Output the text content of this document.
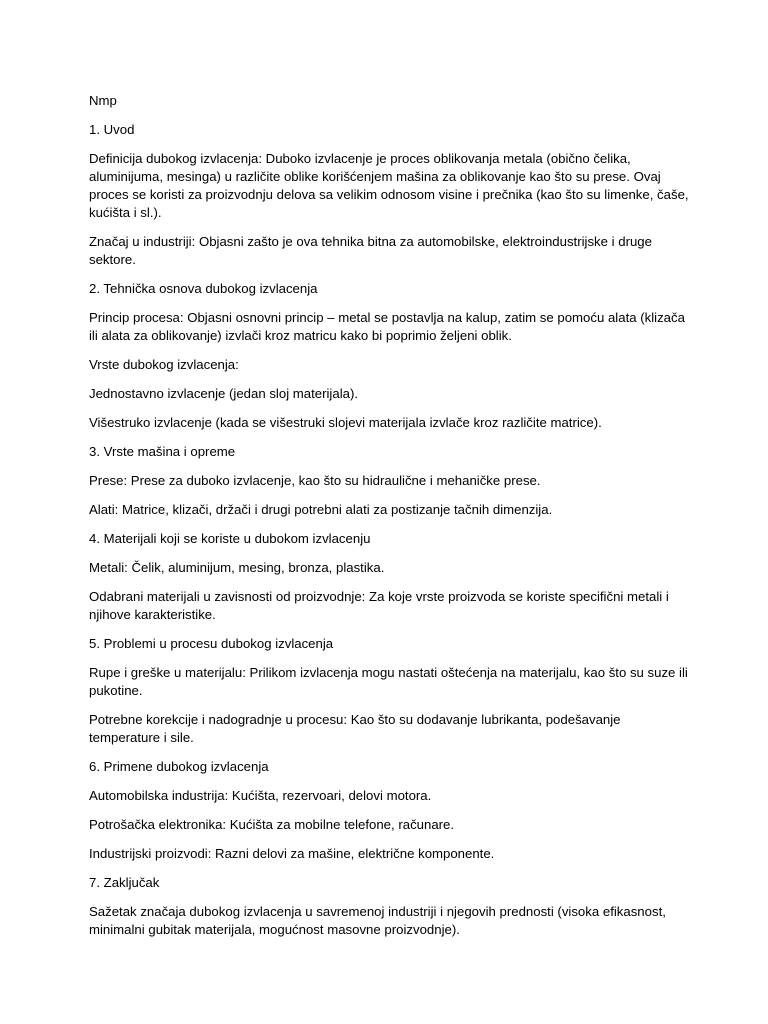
Nmp

1. Uvod

Definicija dubokog izvlacenja: Duboko izvlacenje je proces oblikovanja metala (obično čelika, aluminijuma, mesinga) u različite oblike korišćenjem mašina za oblikovanje kao što su prese. Ovaj proces se koristi za proizvodnju delova sa velikim odnosom visine i prečnika (kao što su limenke, čaše, kućišta i sl.).

Značaj u industriji: Objasni zašto je ova tehnika bitna za automobilske, elektroindustrijske i druge sektore.

2. Tehnička osnova dubokog izvlacenja

Princip procesa: Objasni osnovni princip – metal se postavlja na kalup, zatim se pomoću alata (klizača ili alata za oblikovanje) izvlači kroz matricu kako bi poprimio željeni oblik.

Vrste dubokog izvlacenja:

Jednostavno izvlacenje (jedan sloj materijala).

Višestruko izvlacenje (kada se višestruki slojevi materijala izvlače kroz različite matrice).

3. Vrste mašina i opreme

Prese: Prese za duboko izvlacenje, kao što su hidraulične i mehaničke prese.

Alati: Matrice, klizači, držači i drugi potrebni alati za postizanje tačnih dimenzija.

4. Materijali koji se koriste u dubokom izvlacenju

Metali: Čelik, aluminijum, mesing, bronza, plastika.

Odabrani materijali u zavisnosti od proizvodnje: Za koje vrste proizvoda se koriste specifični metali i njihove karakteristike.

5. Problemi u procesu dubokog izvlacenja

Rupe i greške u materijalu: Prilikom izvlacenja mogu nastati oštećenja na materijalu, kao što su suze ili pukotine.

Potrebne korekcije i nadogradnje u procesu: Kao što su dodavanje lubrikanta, podešavanje temperature i sile.

6. Primene dubokog izvlacenja

Automobilska industrija: Kućišta, rezervoari, delovi motora.

Potrošačka elektronika: Kućišta za mobilne telefone, računare.

Industrijski proizvodi: Razni delovi za mašine, električne komponente.

7. Zaključak

Sažetak značaja dubokog izvlacenja u savremenoj industriji i njegovih prednosti (visoka efikasnost, minimalni gubitak materijala, mogućnost masovne proizvodnje).
